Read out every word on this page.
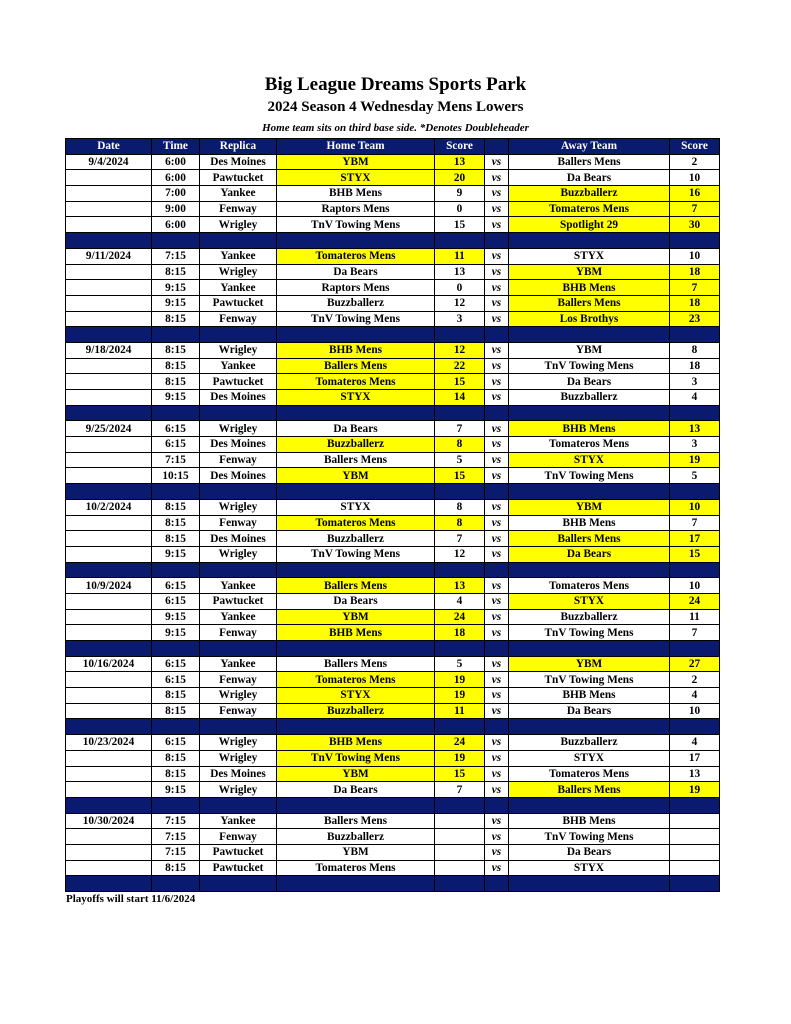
Big League Dreams Sports Park
2024 Season 4 Wednesday Mens Lowers
Home team sits on third base side. *Denotes Doubleheader
Date	Time	Replica	Home Team	Score		Away Team	Score
9/4/2024	6:00	Des Moines	YBM	13	vs	Ballers Mens	2
	6:00	Pawtucket	STYX	20	vs	Da Bears	10
	7:00	Yankee	BHB Mens	9	vs	Buzzballerz	16
	9:00	Fenway	Raptors Mens	0	vs	Tomateros Mens	7
	6:00	Wrigley	TnV Towing Mens	15	vs	Spotlight 29	30

9/11/2024	7:15	Yankee	Tomateros Mens	11	vs	STYX	10
	8:15	Wrigley	Da Bears	13	vs	YBM	18
	9:15	Yankee	Raptors Mens	0	vs	BHB Mens	7
	9:15	Pawtucket	Buzzballerz	12	vs	Ballers Mens	18
	8:15	Fenway	TnV Towing Mens	3	vs	Los Brothys	23

9/18/2024	8:15	Wrigley	BHB Mens	12	vs	YBM	8
	8:15	Yankee	Ballers Mens	22	vs	TnV Towing Mens	18
	8:15	Pawtucket	Tomateros Mens	15	vs	Da Bears	3
	9:15	Des Moines	STYX	14	vs	Buzzballerz	4

9/25/2024	6:15	Wrigley	Da Bears	7	vs	BHB Mens	13
	6:15	Des Moines	Buzzballerz	8	vs	Tomateros Mens	3
	7:15	Fenway	Ballers Mens	5	vs	STYX	19
	10:15	Des Moines	YBM	15	vs	TnV Towing Mens	5

10/2/2024	8:15	Wrigley	STYX	8	vs	YBM	10
	8:15	Fenway	Tomateros Mens	8	vs	BHB Mens	7
	8:15	Des Moines	Buzzballerz	7	vs	Ballers Mens	17
	9:15	Wrigley	TnV Towing Mens	12	vs	Da Bears	15

10/9/2024	6:15	Yankee	Ballers Mens	13	vs	Tomateros Mens	10
	6:15	Pawtucket	Da Bears	4	vs	STYX	24
	9:15	Yankee	YBM	24	vs	Buzzballerz	11
	9:15	Fenway	BHB Mens	18	vs	TnV Towing Mens	7

10/16/2024	6:15	Yankee	Ballers Mens	5	vs	YBM	27
	6:15	Fenway	Tomateros Mens	19	vs	TnV Towing Mens	2
	8:15	Wrigley	STYX	19	vs	BHB Mens	4
	8:15	Fenway	Buzzballerz	11	vs	Da Bears	10

10/23/2024	6:15	Wrigley	BHB Mens	24	vs	Buzzballerz	4
	8:15	Wrigley	TnV Towing Mens	19	vs	STYX	17
	8:15	Des Moines	YBM	15	vs	Tomateros Mens	13
	9:15	Wrigley	Da Bears	7	vs	Ballers Mens	19

10/30/2024	7:15	Yankee	Ballers Mens		vs	BHB Mens	
	7:15	Fenway	Buzzballerz		vs	TnV Towing Mens	
	7:15	Pawtucket	YBM		vs	Da Bears	
	8:15	Pawtucket	Tomateros Mens		vs	STYX	

Playoffs will start 11/6/2024
